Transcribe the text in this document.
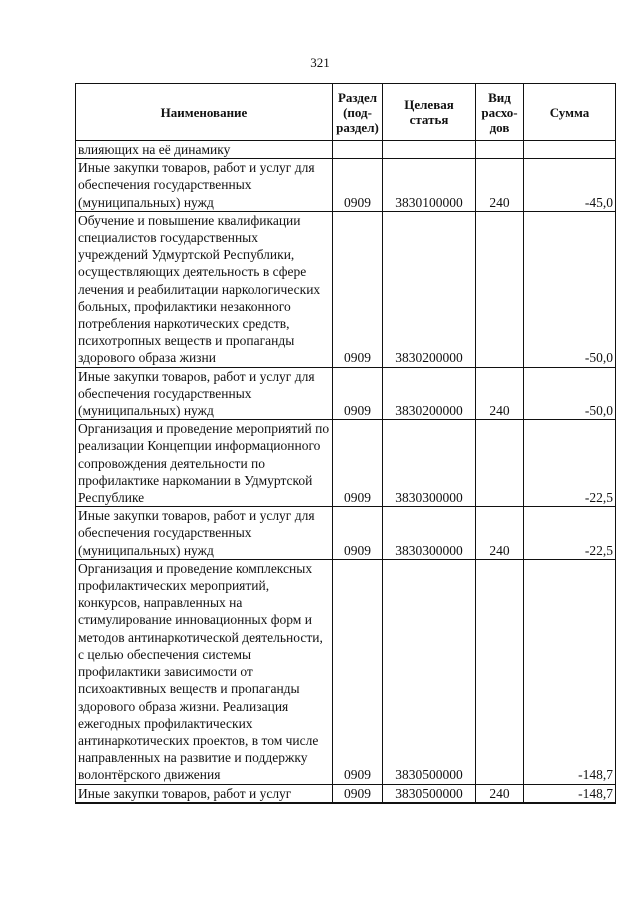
321
Наименование	Раздел (под-раздел)	Целевая статья	Вид расхо-дов	Сумма
влияющих на её динамику				
Иные закупки товаров, работ и услуг для обеспечения государственных (муниципальных) нужд	0909	3830100000	240	-45,0
Обучение и повышение квалификации специалистов государственных учреждений Удмуртской Республики, осуществляющих деятельность в сфере лечения и реабилитации наркологических больных, профилактики незаконного потребления наркотических средств, психотропных веществ и пропаганды здорового образа жизни	0909	3830200000		-50,0
Иные закупки товаров, работ и услуг для обеспечения государственных (муниципальных) нужд	0909	3830200000	240	-50,0
Организация и проведение мероприятий по реализации Концепции информационного сопровождения деятельности по профилактике наркомании в Удмуртской Республике	0909	3830300000		-22,5
Иные закупки товаров, работ и услуг для обеспечения государственных (муниципальных) нужд	0909	3830300000	240	-22,5
Организация и проведение комплексных профилактических мероприятий, конкурсов, направленных на стимулирование инновационных форм и методов антинаркотической деятельности, с целью обеспечения системы профилактики зависимости от психоактивных веществ и пропаганды здорового образа жизни. Реализация ежегодных профилактических антинаркотических проектов, в том числе направленных на развитие и поддержку волонтёрского движения	0909	3830500000		-148,7
Иные закупки товаров, работ и услуг	0909	3830500000	240	-148,7
